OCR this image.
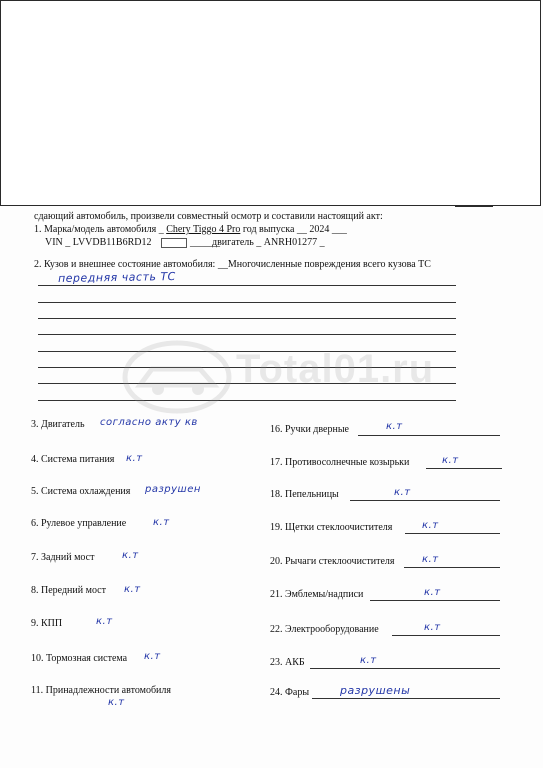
сдающий автомобиль, произвели совместный осмотр и составили настоящий акт:
1. Марка/модель автомобиля _ Chery Tiggo 4 Pro год выпуска __ 2024 ___
VIN _ LVVDB11B6RD12	______
двигатель _ ANRH01277 _
2. Кузов и внешнее состояние автомобиля: __Многочисленные повреждения всего кузова ТС
передняя часть ТС
Total01.ru
3. Двигатель согласно акту кв
4. Система питания к.т
5. Система охлаждения разрушен
6. Рулевое управление	к.т
7. Задний мост	к.т
8. Передний мост к.т
9. КПП	к.т
10. Тормозная система к.т
11. Принадлежности автомобиля
к.т
16. Ручки дверные	к.т
17. Противосолнечные козырьки	к.т
18. Пепельницы	к.т
19. Щетки стеклоочистителя	к.т
20. Рычаги стеклоочистителя	к.т
21. Эмблемы/надписи	к.т
22. Электрооборудование	к.т
23. АКБ	к.т
24. Фары	разрушены
